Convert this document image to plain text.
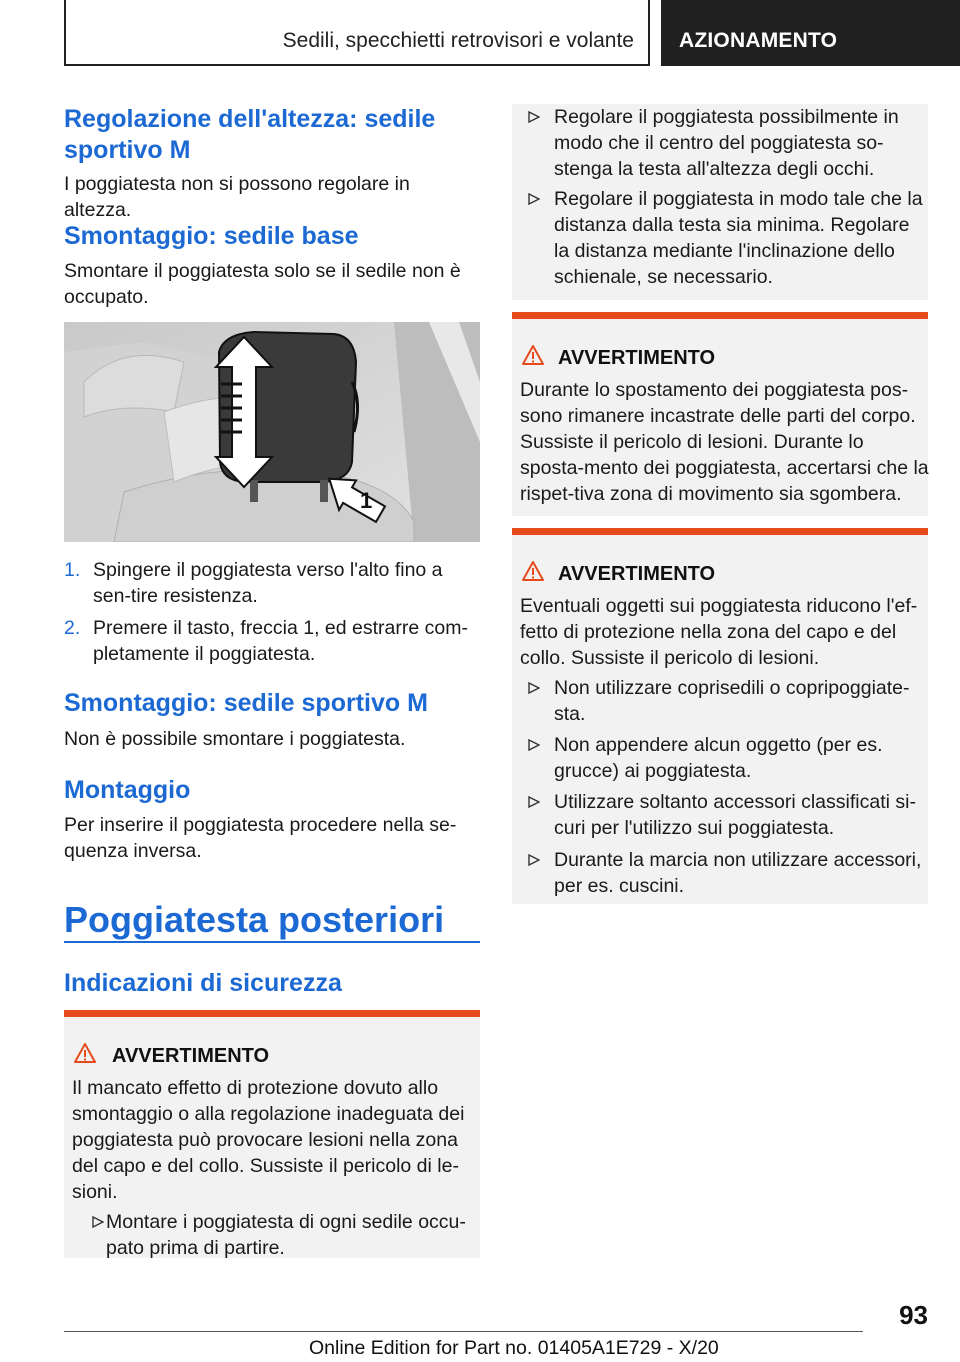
Sedili, specchietti retrovisori e volante AZIONAMENTO
Regolazione dell'altezza: sedile sportivo M
I poggiatesta non si possono regolare in altezza.
Smontaggio: sedile base
Smontare il poggiatesta solo se il sedile non è occupato.
1
1. Spingere il poggiatesta verso l'alto fino a sen-tire resistenza.
2. Premere il tasto, freccia 1, ed estrarre com-pletamente il poggiatesta.
Smontaggio: sedile sportivo M
Non è possibile smontare i poggiatesta.
Montaggio
Per inserire il poggiatesta procedere nella se-quenza inversa.
Poggiatesta posteriori
Indicazioni di sicurezza
AVVERTIMENTO
Il mancato effetto di protezione dovuto allo smontaggio o alla regolazione inadeguata dei poggiatesta può provocare lesioni nella zona del capo e del collo. Sussiste il pericolo di le-sioni.
Montare i poggiatesta di ogni sedile occu-pato prima di partire.
Regolare il poggiatesta possibilmente in modo che il centro del poggiatesta so-stenga la testa all'altezza degli occhi.
Regolare il poggiatesta in modo tale che la distanza dalla testa sia minima. Regolare la distanza mediante l'inclinazione dello schienale, se necessario.
AVVERTIMENTO
Durante lo spostamento dei poggiatesta pos-sono rimanere incastrate delle parti del corpo. Sussiste il pericolo di lesioni. Durante lo sposta-mento dei poggiatesta, accertarsi che la rispet-tiva zona di movimento sia sgombera.
AVVERTIMENTO
Eventuali oggetti sui poggiatesta riducono l'ef-fetto di protezione nella zona del capo e del collo. Sussiste il pericolo di lesioni.
Non utilizzare coprisedili o copripoggiate-sta.
Non appendere alcun oggetto (per es. grucce) ai poggiatesta.
Utilizzare soltanto accessori classificati si-curi per l'utilizzo sui poggiatesta.
Durante la marcia non utilizzare accessori, per es. cuscini.
93
Online Edition for Part no. 01405A1E729 - X/20
